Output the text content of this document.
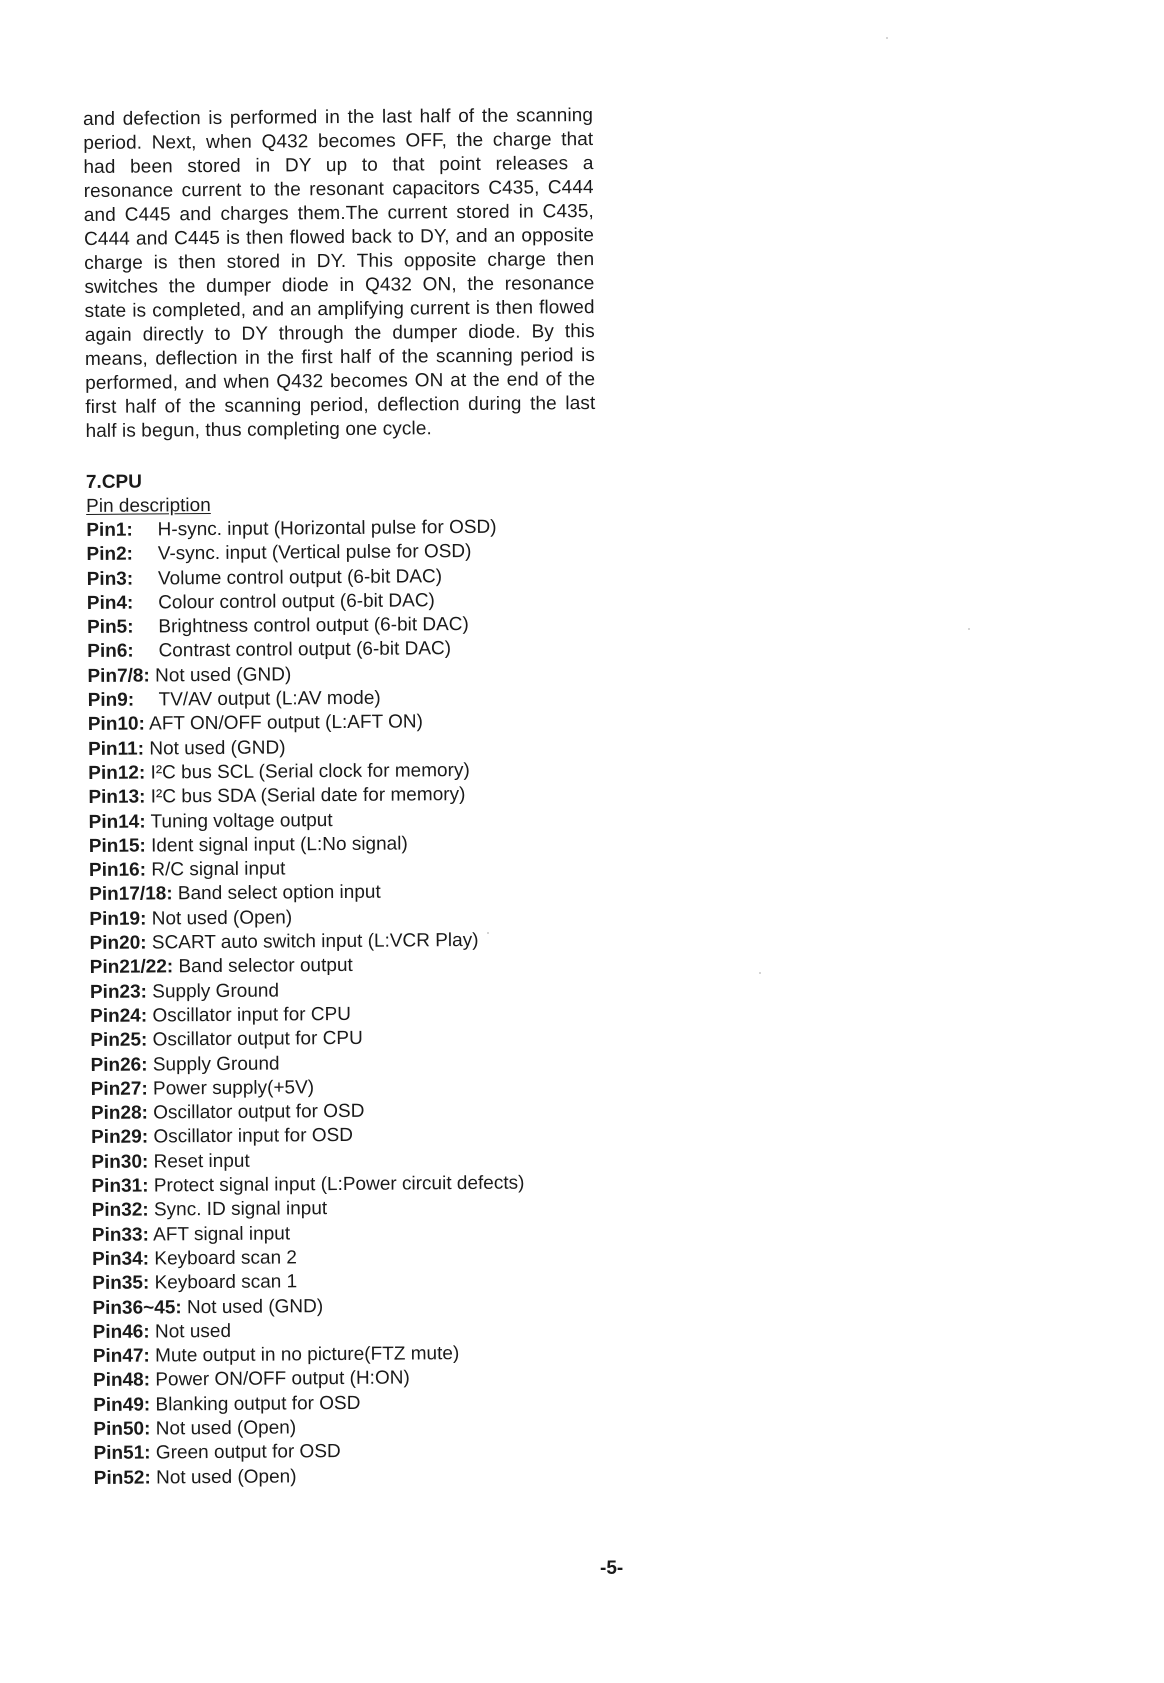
and defection is performed in the last half of the scanning period. Next, when Q432 becomes OFF, the charge that had been stored in DY up to that point releases a resonance current to the resonant capacitors C435, C444 and C445 and charges them.The current stored in C435, C444 and C445 is then flowed back to DY, and an opposite charge is then stored in DY. This opposite charge then switches the dumper diode in Q432 ON, the resonance state is completed, and an amplifying current is then flowed again directly to DY through the dumper diode. By this means, deflection in the first half of the scanning period is performed, and when Q432 becomes ON at the end of the first half of the scanning period, deflection during the last half is begun, thus completing one cycle.

7.CPU
Pin description
Pin1: H-sync. input (Horizontal pulse for OSD)
Pin2: V-sync. input (Vertical pulse for OSD)
Pin3: Volume control output (6-bit DAC)
Pin4: Colour control output (6-bit DAC)
Pin5: Brightness control output (6-bit DAC)
Pin6: Contrast control output (6-bit DAC)
Pin7/8: Not used (GND)
Pin9: TV/AV output (L:AV mode)
Pin10: AFT ON/OFF output (L:AFT ON)
Pin11: Not used (GND)
Pin12: I²C bus SCL (Serial clock for memory)
Pin13: I²C bus SDA (Serial date for memory)
Pin14: Tuning voltage output
Pin15: Ident signal input (L:No signal)
Pin16: R/C signal input
Pin17/18: Band select option input
Pin19: Not used (Open)
Pin20: SCART auto switch input (L:VCR Play)
Pin21/22: Band selector output
Pin23: Supply Ground
Pin24: Oscillator input for CPU
Pin25: Oscillator output for CPU
Pin26: Supply Ground
Pin27: Power supply(+5V)
Pin28: Oscillator output for OSD
Pin29: Oscillator input for OSD
Pin30: Reset input
Pin31: Protect signal input (L:Power circuit defects)
Pin32: Sync. ID signal input
Pin33: AFT signal input
Pin34: Keyboard scan 2
Pin35: Keyboard scan 1
Pin36~45: Not used (GND)
Pin46: Not used
Pin47: Mute output in no picture(FTZ mute)
Pin48: Power ON/OFF output (H:ON)
Pin49: Blanking output for OSD
Pin50: Not used (Open)
Pin51: Green output for OSD
Pin52: Not used (Open)
-5-
